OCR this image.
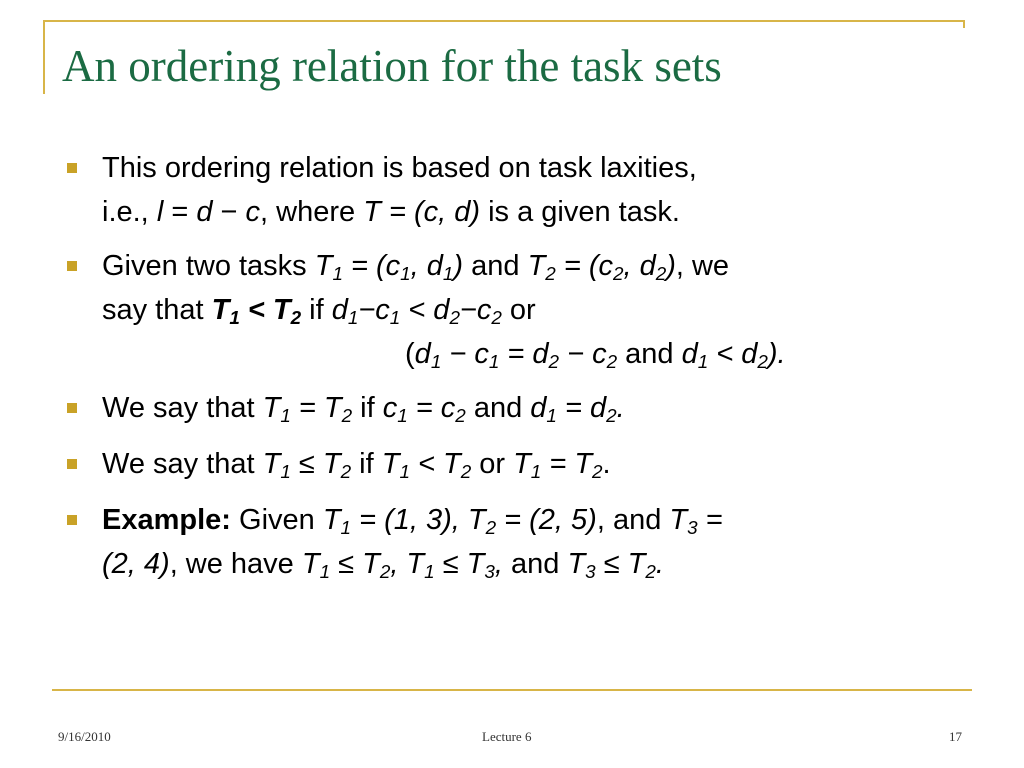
An ordering relation for the task sets
This ordering relation is based on task laxities,
i.e., l = d − c, where T = (c, d) is a given task.
Given two tasks $T_1 = (c_1$, $d_1$) and $T_2 = (c_2$, $d_2$), we
say that $T_1 < T_2$ if $d_1-c_1 < d_2-c_2$ or
($d_1 - c_1 = d_2 - c_2$ and $d_1 < d_2$).
We say that $T_1 = T_2$ if $c_1 = c_2$ and $d_1 = d_2$.
We say that $T_1 \le T_2$ if $T_1 < T_2$ or $T_1 = T_2$.
Example: Given $T_1 = (1$, 3), $T_2 = (2$, 5), and $T_3$ =
(2, 4), we have $T_1 \le T_2$, $T_1 \le T_3$, and $T_3 \le T_2$.
9/16/2010	Lecture 6	17
